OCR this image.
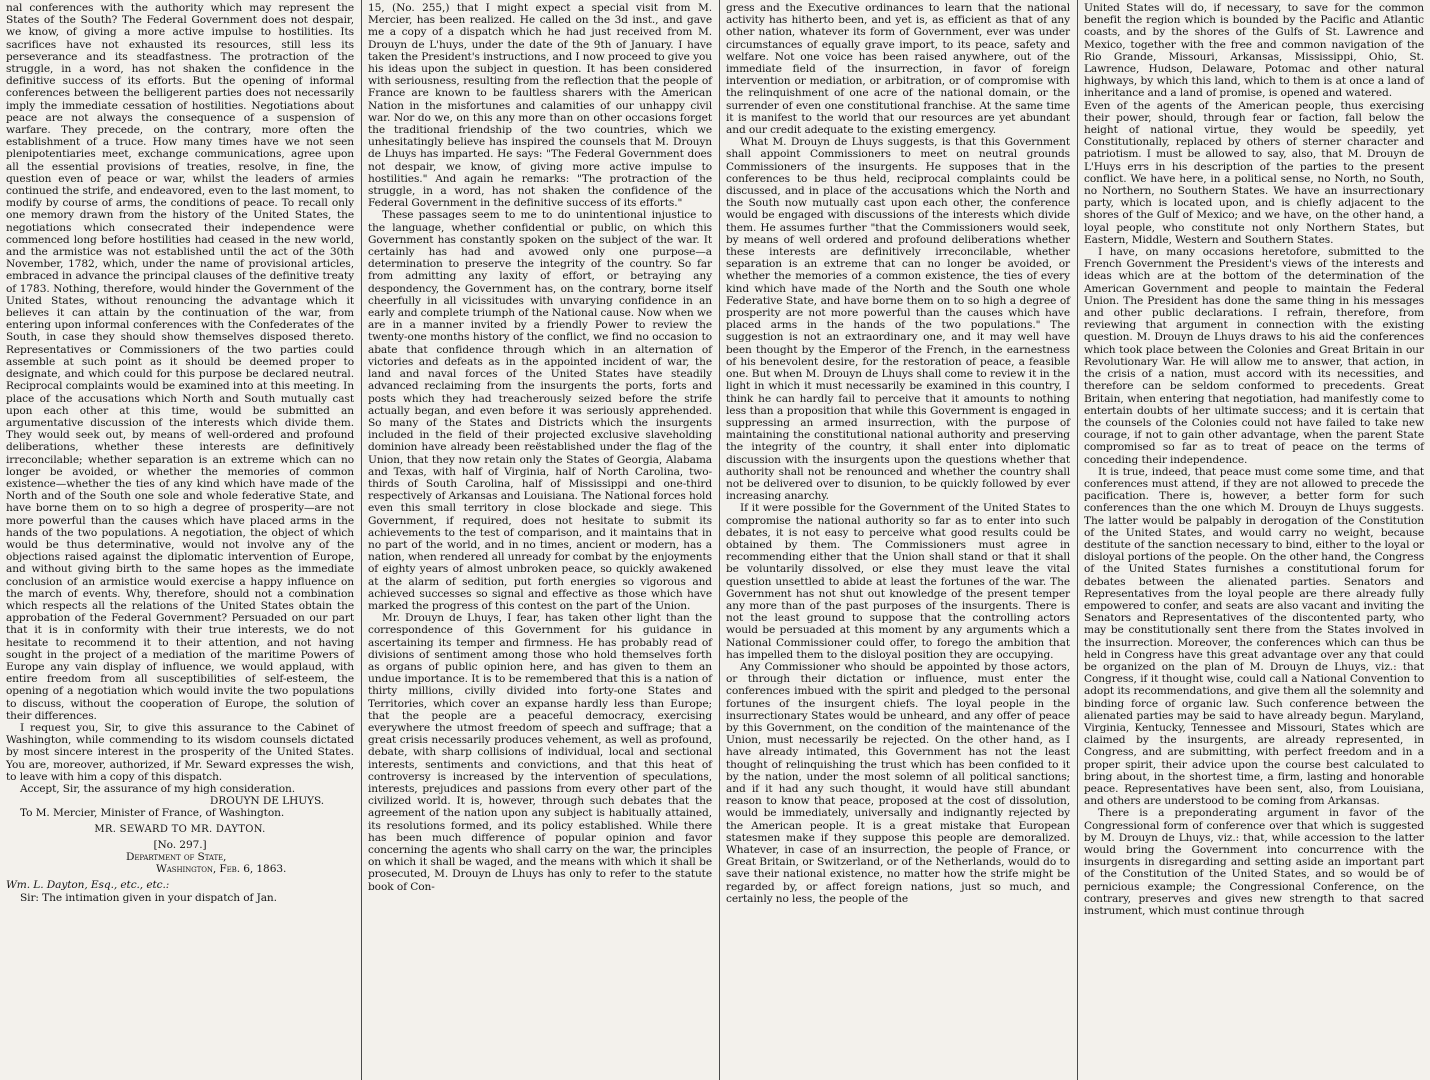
nal conferences with the authority which may represent the States of the South? The Federal Government does not despair, we know, of giving a more active impulse to hostilities. Its sacrifices have not exhausted its resources, still less its perseverance and its steadfastness. The protraction of the struggle, in a word, has not shaken the confidence in the definitive success of its efforts. But the opening of informal conferences between the belligerent parties does not necessarily imply the immediate cessation of hostilities. Negotiations about peace are not always the consequence of a suspension of warfare. They precede, on the contrary, more often the establishment of a truce. How many times have we not seen plenipotentiaries meet, exchange communications, agree upon all the essential provisions of treaties, resolve, in fine, the question even of peace or war, whilst the leaders of armies continued the strife, and endeavored, even to the last moment, to modify by course of arms, the conditions of peace. To recall only one memory drawn from the history of the United States, the negotiations which consecrated their independence were commenced long before hostilities had ceased in the new world, and the armistice was not established until the act of the 30th November, 1782, which, under the name of provisional articles, embraced in advance the principal clauses of the definitive treaty of 1783. Nothing, therefore, would hinder the Government of the United States, without renouncing the advantage which it believes it can attain by the continuation of the war, from entering upon informal conferences with the Confederates of the South, in case they should show themselves disposed thereto. Representatives or Commissioners of the two parties could assemble at such point as it should be deemed proper to designate, and which could for this purpose be declared neutral. Reciprocal complaints would be examined into at this meeting. In place of the accusations which North and South mutually cast upon each other at this time, would be submitted an argumentative discussion of the interests which divide them. They would seek out, by means of well-ordered and profound deliberations, whether these interests are definitively irreconcilable; whether separation is an extreme which can no longer be avoided, or whether the memories of common existence—whether the ties of any kind which have made of the North and of the South one sole and whole federative State, and have borne them on to so high a degree of prosperity—are not more powerful than the causes which have placed arms in the hands of the two populations. A negotiation, the object of which would be thus determinative, would not involve any of the objections raised against the diplomatic intervention of Europe, and without giving birth to the same hopes as the immediate conclusion of an armistice would exercise a happy influence on the march of events. Why, therefore, should not a combination which respects all the relations of the United States obtain the approbation of the Federal Government? Persuaded on our part that it is in conformity with their true interests, we do not hesitate to recommend it to their attention, and not having sought in the project of a mediation of the maritime Powers of Europe any vain display of influence, we would applaud, with entire freedom from all susceptibilities of self-esteem, the opening of a negotiation which would invite the two populations to discuss, without the cooperation of Europe, the solution of their differences.

I request you, Sir, to give this assurance to the Cabinet of Washington, while commending to its wisdom counsels dictated by most sincere interest in the prosperity of the United States. You are, moreover, authorized, if Mr. Seward expresses the wish, to leave with him a copy of this dispatch.

Accept, Sir, the assurance of my high consideration.

DROUYN DE LHUYS.

To M. Mercier, Minister of France, of Washington.

MR. SEWARD TO MR. DAYTON.

[No. 297.]

Department of State,

Washington, Feb. 6, 1863.

Wm. L. Dayton, Esq., etc., etc.:

Sir: The intimation given in your dispatch of Jan.

15, (No. 255,) that I might expect a special visit from M. Mercier, has been realized. He called on the 3d inst., and gave me a copy of a dispatch which he had just received from M. Drouyn de L'huys, under the date of the 9th of January. I have taken the President's instructions, and I now proceed to give you his ideas upon the subject in question. It has been considered with seriousness, resulting from the reflection that the people of France are known to be faultless sharers with the American Nation in the misfortunes and calamities of our unhappy civil war. Nor do we, on this any more than on other occasions forget the traditional friendship of the two countries, which we unhesitatingly believe has inspired the counsels that M. Drouyn de Lhuys has imparted. He says: "The Federal Government does not despair, we know, of giving more active impulse to hostilities." And again he remarks: "The protraction of the struggle, in a word, has not shaken the confidence of the Federal Government in the definitive success of its efforts."

These passages seem to me to do unintentional injustice to the language, whether confidential or public, on which this Government has constantly spoken on the subject of the war. It certainly has had and avowed only one purpose—a determination to preserve the integrity of the country. So far from admitting any laxity of effort, or betraying any despondency, the Government has, on the contrary, borne itself cheerfully in all vicissitudes with unvarying confidence in an early and complete triumph of the National cause. Now when we are in a manner invited by a friendly Power to review the twenty-one months history of the conflict, we find no occasion to abate that confidence through which in an alternation of victories and defeats as in the appointed incident of war, the land and naval forces of the United States have steadily advanced reclaiming from the insurgents the ports, forts and posts which they had treacherously seized before the strife actually began, and even before it was seriously apprehended. So many of the States and Districts which the insurgents included in the field of their projected exclusive slaveholding dominion have already been reëstablished under the flag of the Union, that they now retain only the States of Georgia, Alabama and Texas, with half of Virginia, half of North Carolina, two-thirds of South Carolina, half of Mississippi and one-third respectively of Arkansas and Louisiana. The National forces hold even this small territory in close blockade and siege. This Government, if required, does not hesitate to submit its achievements to the test of comparison, and it maintains that in no part of the world, and in no times, ancient or modern, has a nation, when rendered all unready for combat by the enjoyments of eighty years of almost unbroken peace, so quickly awakened at the alarm of sedition, put forth energies so vigorous and achieved successes so signal and effective as those which have marked the progress of this contest on the part of the Union.

Mr. Drouyn de Lhuys, I fear, has taken other light than the correspondence of this Government for his guidance in ascertaining its temper and firmness. He has probably read of divisions of sentiment among those who hold themselves forth as organs of public opinion here, and has given to them an undue importance. It is to be remembered that this is a nation of thirty millions, civilly divided into forty-one States and Territories, which cover an expanse hardly less than Europe; that the people are a peaceful democracy, exercising everywhere the utmost freedom of speech and suffrage; that a great crisis necessarily produces vehement, as well as profound, debate, with sharp collisions of individual, local and sectional interests, sentiments and convictions, and that this heat of controversy is increased by the intervention of speculations, interests, prejudices and passions from every other part of the civilized world. It is, however, through such debates that the agreement of the nation upon any subject is habitually attained, its resolutions formed, and its policy established. While there has been much difference of popular opinion and favor concerning the agents who shall carry on the war, the principles on which it shall be waged, and the means with which it shall be prosecuted, M. Drouyn de Lhuys has only to refer to the statute book of Con-

gress and the Executive ordinances to learn that the national activity has hitherto been, and yet is, as efficient as that of any other nation, whatever its form of Government, ever was under circumstances of equally grave import, to its peace, safety and welfare. Not one voice has been raised anywhere, out of the immediate field of the insurrection, in favor of foreign intervention or mediation, or arbitration, or of compromise with the relinquishment of one acre of the national domain, or the surrender of even one constitutional franchise. At the same time it is manifest to the world that our resources are yet abundant and our credit adequate to the existing emergency.

What M. Drouyn de Lhuys suggests, is that this Government shall appoint Commissioners to meet on neutral grounds Commissioners of the insurgents. He supposes that in the conferences to be thus held, reciprocal complaints could be discussed, and in place of the accusations which the North and the South now mutually cast upon each other, the conference would be engaged with discussions of the interests which divide them. He assumes further "that the Commissioners would seek, by means of well ordered and profound deliberations whether these interests are definitively irreconcilable, whether separation is an extreme that can no longer be avoided, or whether the memories of a common existence, the ties of every kind which have made of the North and the South one whole Federative State, and have borne them on to so high a degree of prosperity are not more powerful than the causes which have placed arms in the hands of the two populations." The suggestion is not an extraordinary one, and it may well have been thought by the Emperor of the French, in the earnestness of his benevolent desire, for the restoration of peace, a feasible one. But when M. Drouyn de Lhuys shall come to review it in the light in which it must necessarily be examined in this country, I think he can hardly fail to perceive that it amounts to nothing less than a proposition that while this Government is engaged in suppressing an armed insurrection, with the purpose of maintaining the constitutional national authority and preserving the integrity of the country, it shall enter into diplomatic discussion with the insurgents upon the questions whether that authority shall not be renounced and whether the country shall not be delivered over to disunion, to be quickly followed by ever increasing anarchy.

If it were possible for the Government of the United States to compromise the national authority so far as to enter into such debates, it is not easy to perceive what good results could be obtained by them. The Commissioners must agree in recommending either that the Union shall stand or that it shall be voluntarily dissolved, or else they must leave the vital question unsettled to abide at least the fortunes of the war. The Government has not shut out knowledge of the present temper any more than of the past purposes of the insurgents. There is not the least ground to suppose that the controlling actors would be persuaded at this moment by any arguments which a National Commissioner could offer, to forego the ambition that has impelled them to the disloyal position they are occupying.

Any Commissioner who should be appointed by those actors, or through their dictation or influence, must enter the conferences imbued with the spirit and pledged to the personal fortunes of the insurgent chiefs. The loyal people in the insurrectionary States would be unheard, and any offer of peace by this Government, on the condition of the maintenance of the Union, must necessarily be rejected. On the other hand, as I have already intimated, this Government has not the least thought of relinquishing the trust which has been confided to it by the nation, under the most solemn of all political sanctions; and if it had any such thought, it would have still abundant reason to know that peace, proposed at the cost of dissolution, would be immediately, universally and indignantly rejected by the American people. It is a great mistake that European statesmen make if they suppose this people are demoralized. Whatever, in case of an insurrection, the people of France, or Great Britain, or Switzerland, or of the Netherlands, would do to save their national existence, no matter how the strife might be regarded by, or affect foreign nations, just so much, and certainly no less, the people of the

United States will do, if necessary, to save for the common benefit the region which is bounded by the Pacific and Atlantic coasts, and by the shores of the Gulfs of St. Lawrence and Mexico, together with the free and common navigation of the Rio Grande, Missouri, Arkansas, Mississippi, Ohio, St. Lawrence, Hudson, Delaware, Potomac and other natural highways, by which this land, which to them is at once a land of inheritance and a land of promise, is opened and watered.

Even of the agents of the American people, thus exercising their power, should, through fear or faction, fall below the height of national virtue, they would be speedily, yet Constitutionally, replaced by others of sterner character and patriotism. I must be allowed to say, also, that M. Drouyn de L'Huys errs in his description of the parties to the present conflict. We have here, in a political sense, no North, no South, no Northern, no Southern States. We have an insurrectionary party, which is located upon, and is chiefly adjacent to the shores of the Gulf of Mexico; and we have, on the other hand, a loyal people, who constitute not only Northern States, but Eastern, Middle, Western and Southern States.

I have, on many occasions heretofore, submitted to the French Government the President's views of the interests and ideas which are at the bottom of the determination of the American Government and people to maintain the Federal Union. The President has done the same thing in his messages and other public declarations. I refrain, therefore, from reviewing that argument in connection with the existing question. M. Drouyn de Lhuys draws to his aid the conferences which took place between the Colonies and Great Britain in our Revolutionary War. He will allow me to answer, that action, in the crisis of a nation, must accord with its necessities, and therefore can be seldom conformed to precedents. Great Britain, when entering that negotiation, had manifestly come to entertain doubts of her ultimate success; and it is certain that the counsels of the Colonies could not have failed to take new courage, if not to gain other advantage, when the parent State compromised so far as to treat of peace on the terms of conceding their independence.

It is true, indeed, that peace must come some time, and that conferences must attend, if they are not allowed to precede the pacification. There is, however, a better form for such conferences than the one which M. Drouyn de Lhuys suggests. The latter would be palpably in derogation of the Constitution of the United States, and would carry no weight, because destitute of the sanction necessary to bind, either to the loyal or disloyal portions of the people. On the other hand, the Congress of the United States furnishes a constitutional forum for debates between the alienated parties. Senators and Representatives from the loyal people are there already fully empowered to confer, and seats are also vacant and inviting the Senators and Representatives of the discontented party, who may be constitutionally sent there from the States involved in the insurrection. Moreover, the conferences which can thus be held in Congress have this great advantage over any that could be organized on the plan of M. Drouyn de Lhuys, viz.: that Congress, if it thought wise, could call a National Convention to adopt its recommendations, and give them all the solemnity and binding force of organic law. Such conference between the alienated parties may be said to have already begun. Maryland, Virginia, Kentucky, Tennessee and Missouri, States which are claimed by the insurgents, are already represented, in Congress, and are submitting, with perfect freedom and in a proper spirit, their advice upon the course best calculated to bring about, in the shortest time, a firm, lasting and honorable peace. Representatives have been sent, also, from Louisiana, and others are understood to be coming from Arkansas.

There is a preponderating argument in favor of the Congressional form of conference over that which is suggested by M. Drouyn de Lhuys, viz.: that, while accession to the latter would bring the Government into concurrence with the insurgents in disregarding and setting aside an important part of the Constitution of the United States, and so would be of pernicious example; the Congressional Conference, on the contrary, preserves and gives new strength to that sacred instrument, which must continue through
